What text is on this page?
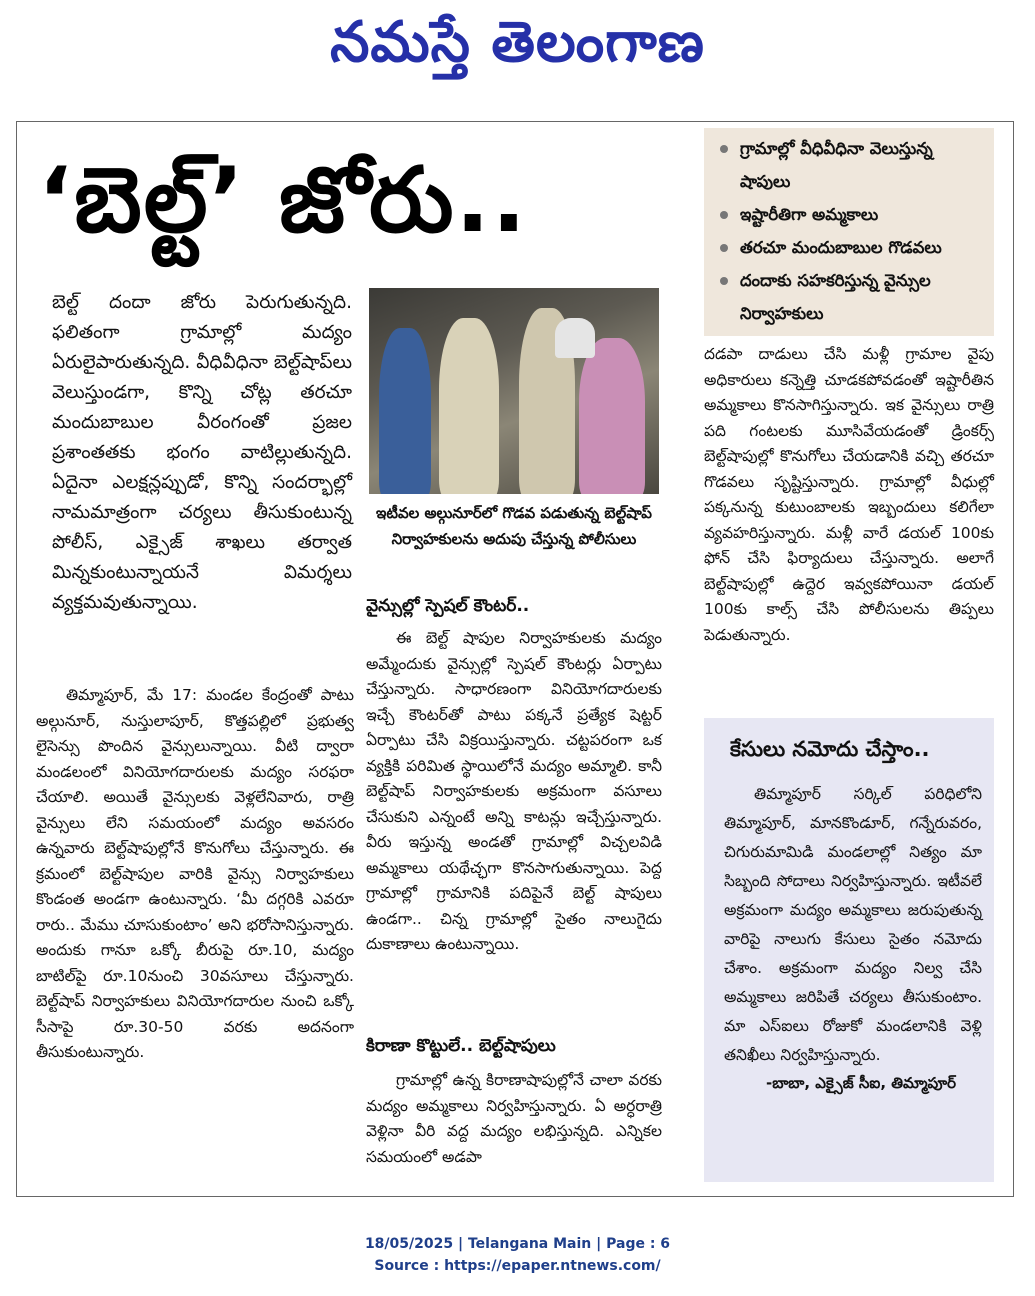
నమస్తే తెలంగాణ
‘బెల్ట్’ జోరు..
బెల్ట్ దందా జోరు పెరుగుతున్నది. ఫలితంగా గ్రామాల్లో మద్యం ఏరులైపారుతున్నది. వీధివీధినా బెల్ట్‌షాప్‌లు వెలుస్తుండగా, కొన్ని చోట్ల తరచూ మందుబాబుల వీరంగంతో ప్రజల ప్రశాంతతకు భంగం వాటిల్లుతున్నది. ఏదైనా ఎలక్షన్లప్పుడో, కొన్ని సందర్భాల్లో నామమాత్రంగా చర్యలు తీసుకుంటున్న పోలీస్, ఎక్సైజ్ శాఖలు తర్వాత మిన్నకుంటున్నాయనే విమర్శలు వ్యక్తమవుతున్నాయి.

తిమ్మాపూర్, మే 17: మండల కేంద్రంతో పాటు అల్గునూర్, నుస్తులాపూర్, కొత్తపల్లిలో ప్రభుత్వ లైసెన్సు పొందిన వైన్సులున్నాయి. వీటి ద్వారా మండలంలో వినియోగదారులకు మద్యం సరఫరా చేయాలి. అయితే వైన్సులకు వెళ్లలేనివారు, రాత్రి వైన్సులు లేని సమయంలో మద్యం అవసరం ఉన్నవారు బెల్ట్‌షాపుల్లోనే కొనుగోలు చేస్తున్నారు. ఈ క్రమంలో బెల్ట్‌షాపుల వారికి వైన్సు నిర్వాహకులు కొండంత అండగా ఉంటున్నారు. ‘మీ దగ్గరికి ఎవరూ రారు.. మేము చూసుకుంటాం’ అని భరోసానిస్తున్నారు. అందుకు గానూ ఒక్కో బీరుపై రూ.10, మద్యం బాటిల్‌పై రూ.10నుంచి 30వసూలు చేస్తున్నారు. బెల్ట్‌షాప్ నిర్వాహకులు వినియోగదారుల నుంచి ఒక్కో సీసాపై రూ.30-50 వరకు అదనంగా తీసుకుంటున్నారు.

ఇటీవల అల్గునూర్‌లో గొడవ పడుతున్న బెల్ట్‌షాప్ నిర్వాహకులను అదుపు చేస్తున్న పోలీసులు
వైన్సుల్లో స్పెషల్ కౌంటర్..

ఈ బెల్ట్ షాపుల నిర్వాహకులకు మద్యం అమ్మేందుకు వైన్సుల్లో స్పెషల్ కౌంటర్లు ఏర్పాటు చేస్తున్నారు. సాధారణంగా వినియోగదారులకు ఇచ్చే కౌంటర్‌తో పాటు పక్కనే ప్రత్యేక షెట్టర్ ఏర్పాటు చేసి విక్రయిస్తున్నారు. చట్టపరంగా ఒక వ్యక్తికి పరిమిత స్థాయిలోనే మద్యం అమ్మాలి. కానీ బెల్ట్‌షాప్ నిర్వాహకులకు అక్రమంగా వసూలు చేసుకుని ఎన్నంటే అన్ని కాటన్లు ఇచ్చేస్తున్నారు. వీరు ఇస్తున్న అండతో గ్రామాల్లో విచ్చలవిడి అమ్మకాలు యథేచ్ఛగా కొనసాగుతున్నాయి. పెద్ద గ్రామాల్లో గ్రామానికి పదిపైనే బెల్ట్ షాపులు ఉండగా.. చిన్న గ్రామాల్లో సైతం నాలుగైదు దుకాణాలు ఉంటున్నాయి.

కిరాణా కొట్టులే.. బెల్ట్‌షాపులు

గ్రామాల్లో ఉన్న కిరాణాషాపుల్లోనే చాలా వరకు మద్యం అమ్మకాలు నిర్వహిస్తున్నారు. ఏ అర్ధరాత్రి వెళ్లినా వీరి వద్ద మద్యం లభిస్తున్నది. ఎన్నికల సమయంలో అడపా

గ్రామాల్లో వీధివీధినా వెలుస్తున్న షాపులు
ఇష్టారీతిగా అమ్మకాలు
తరచూ మందుబాబుల గొడవలు
దందాకు సహకరిస్తున్న వైన్సుల నిర్వాహకులు

దడపా దాడులు చేసి మళ్లీ గ్రామాల వైపు అధికారులు కన్నెత్తి చూడకపోవడంతో ఇష్టారీతిన అమ్మకాలు కొనసాగిస్తున్నారు. ఇక వైన్సులు రాత్రి పది గంటలకు మూసివేయడంతో డ్రింకర్స్ బెల్ట్‌షాపుల్లో కొనుగోలు చేయడానికి వచ్చి తరచూ గొడవలు సృష్టిస్తున్నారు. గ్రామాల్లో వీధుల్లో పక్కనున్న కుటుంబాలకు ఇబ్బందులు కలిగేలా వ్యవహరిస్తున్నారు. మళ్లీ వారే డయల్ 100కు ఫోన్ చేసి ఫిర్యాదులు చేస్తున్నారు. అలాగే బెల్ట్‌షాపుల్లో ఉద్దెర ఇవ్వకపోయినా డయల్ 100కు కాల్స్ చేసి పోలీసులను తిప్పలు పెడుతున్నారు.

కేసులు నమోదు చేస్తాం..
తిమ్మాపూర్ సర్కిల్ పరిధిలోని తిమ్మాపూర్, మానకొండూర్, గన్నేరువరం, చిగురుమామిడి మండలాల్లో నిత్యం మా సిబ్బంది సోదాలు నిర్వహిస్తున్నారు. ఇటీవలే అక్రమంగా మద్యం అమ్మకాలు జరుపుతున్న వారిపై నాలుగు కేసులు సైతం నమోదు చేశాం. అక్రమంగా మద్యం నిల్వ చేసి అమ్మకాలు జరిపితే చర్యలు తీసుకుంటాం. మా ఎస్‌ఐలు రోజుకో మండలానికి వెళ్లి తనిఖీలు నిర్వహిస్తున్నారు.
-బాబా, ఎక్సైజ్ సీఐ, తిమ్మాపూర్
18/05/2025 | Telangana Main | Page : 6
Source : https://epaper.ntnews.com/
